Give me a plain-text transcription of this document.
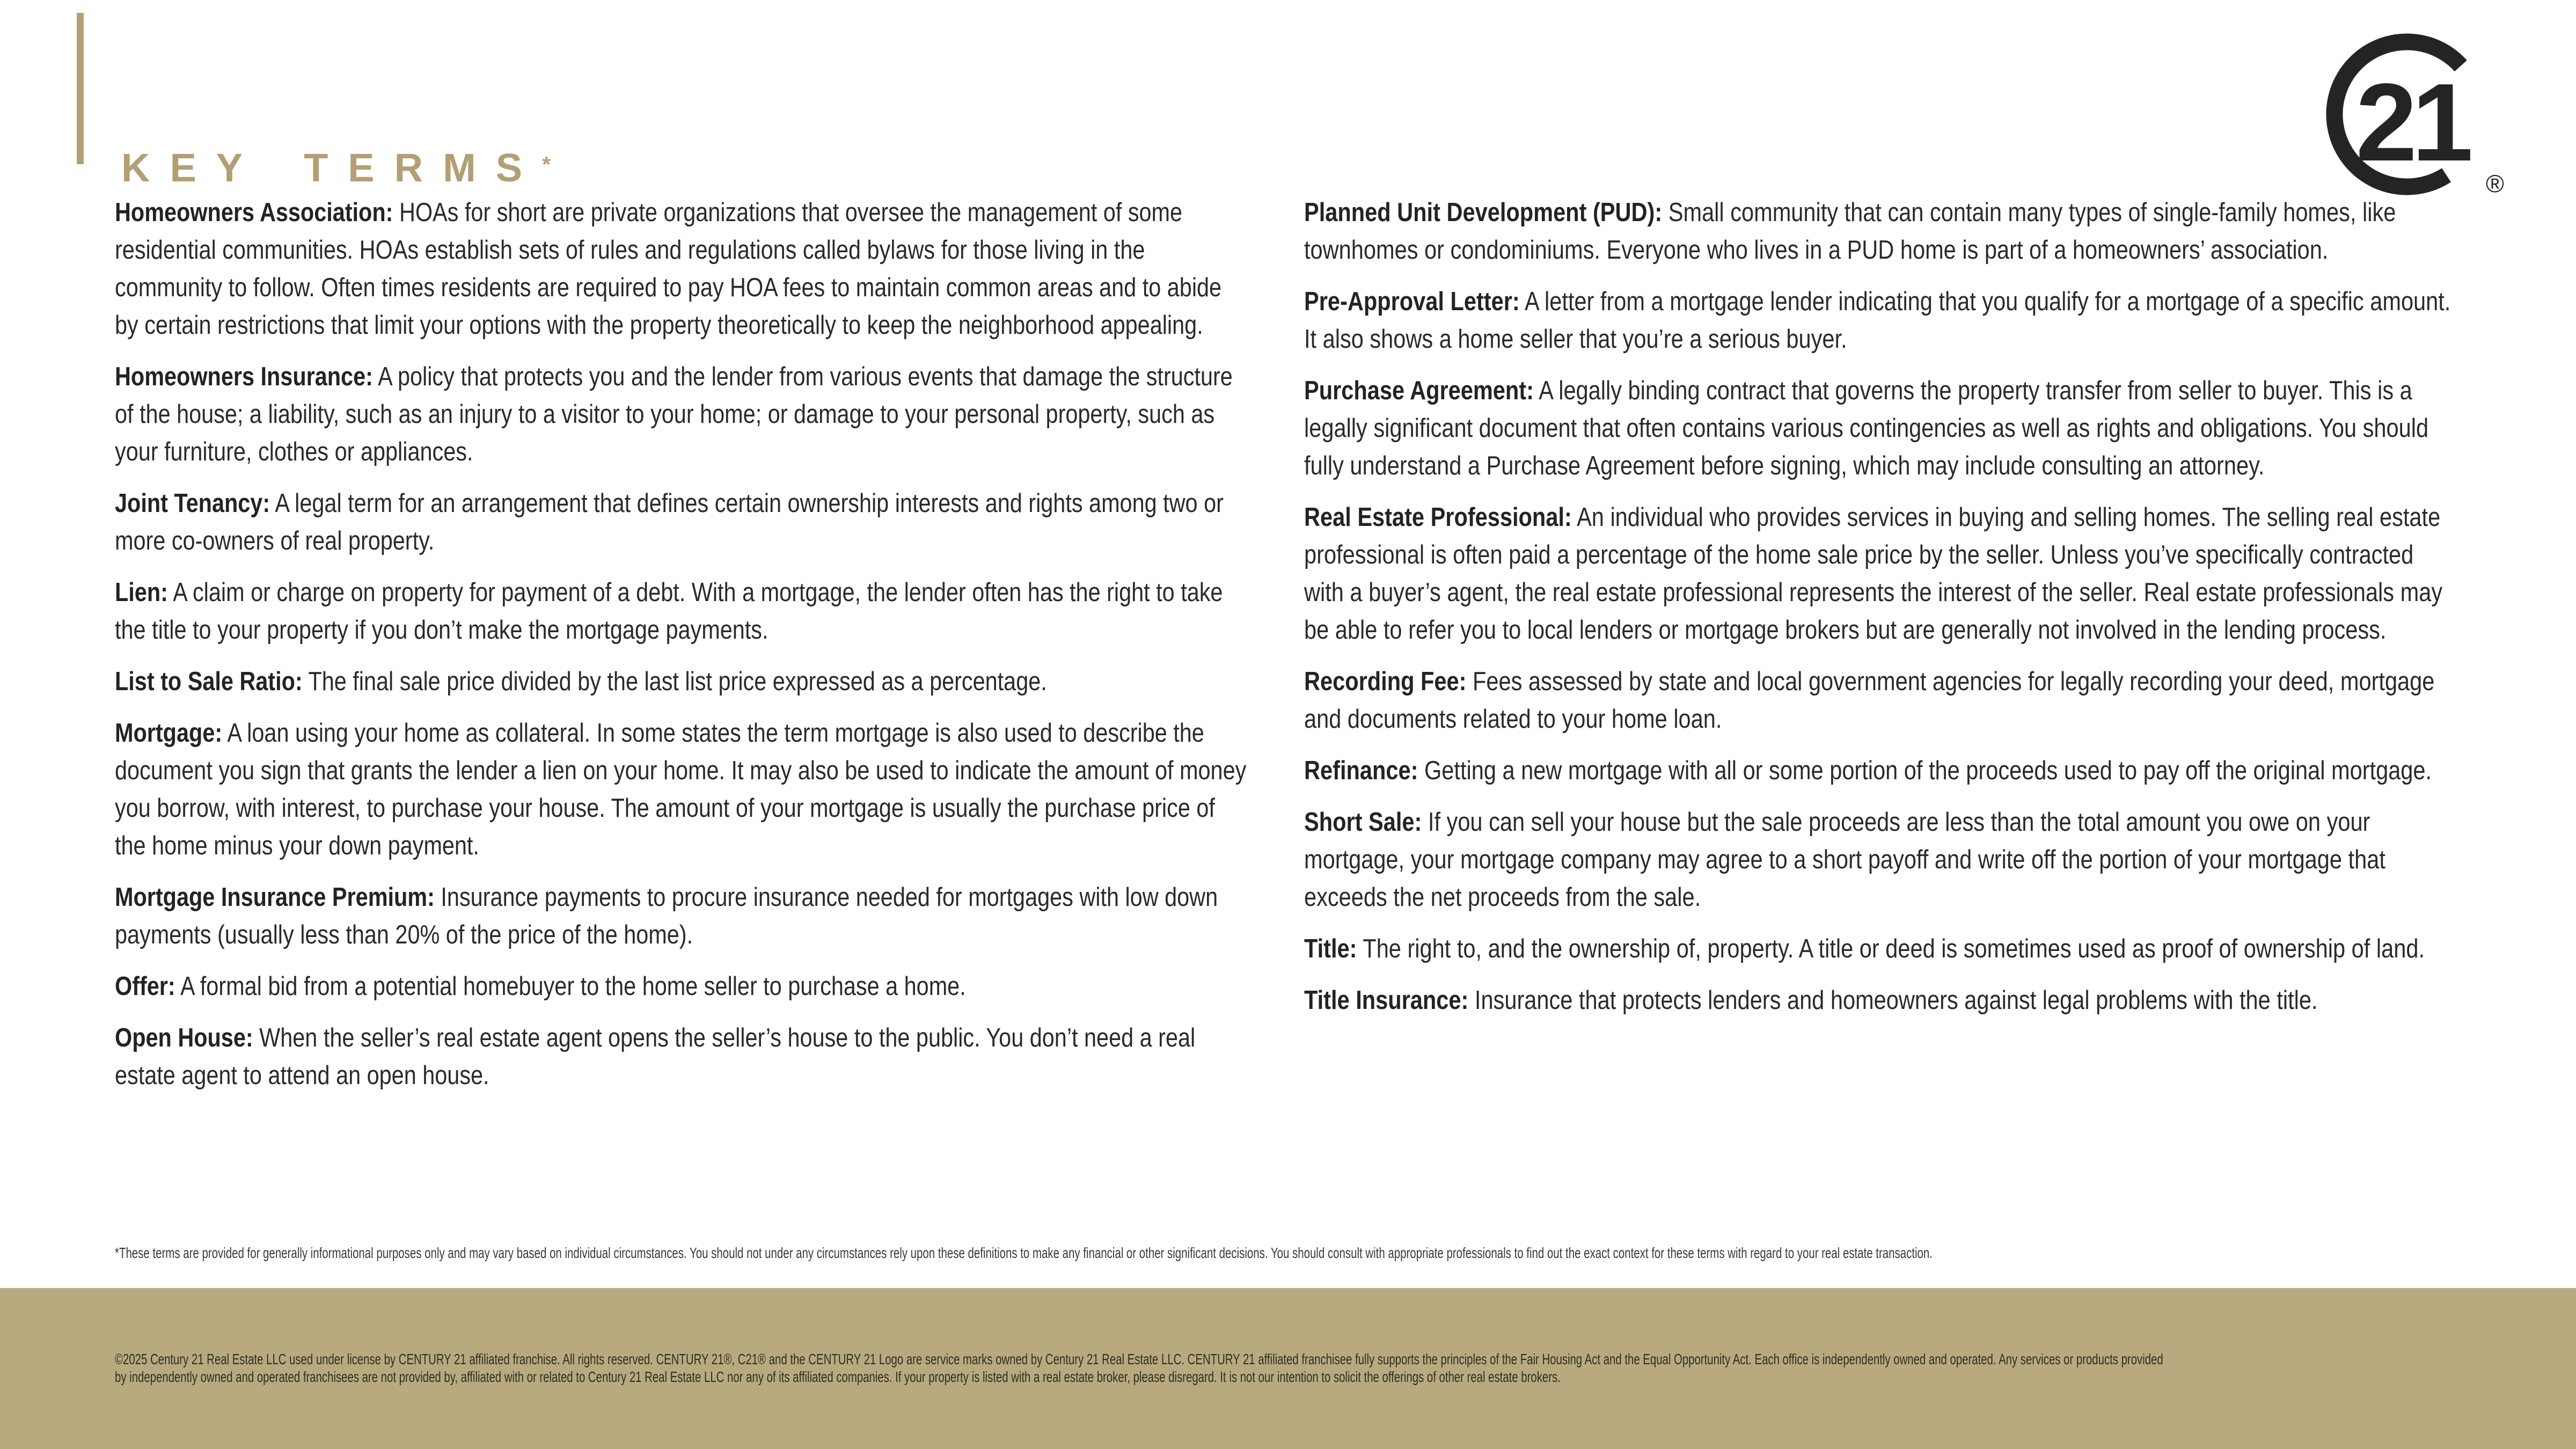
KEY TERMS*	21 ®

Homeowners Association: HOAs for short are private organizations that oversee the management of some residential communities. HOAs establish sets of rules and regulations called bylaws for those living in the community to follow. Often times residents are required to pay HOA fees to maintain common areas and to abide by certain restrictions that limit your options with the property theoretically to keep the neighborhood appealing.

Homeowners Insurance: A policy that protects you and the lender from various events that damage the structure of the house; a liability, such as an injury to a visitor to your home; or damage to your personal property, such as your furniture, clothes or appliances.

Joint Tenancy: A legal term for an arrangement that defines certain ownership interests and rights among two or more co-owners of real property.

Lien: A claim or charge on property for payment of a debt. With a mortgage, the lender often has the right to take the title to your property if you don’t make the mortgage payments.

List to Sale Ratio: The final sale price divided by the last list price expressed as a percentage.

Mortgage: A loan using your home as collateral. In some states the term mortgage is also used to describe the document you sign that grants the lender a lien on your home. It may also be used to indicate the amount of money you borrow, with interest, to purchase your house. The amount of your mortgage is usually the purchase price of the home minus your down payment.

Mortgage Insurance Premium: Insurance payments to procure insurance needed for mortgages with low down payments (usually less than 20% of the price of the home).

Offer: A formal bid from a potential homebuyer to the home seller to purchase a home.

Open House: When the seller’s real estate agent opens the seller’s house to the public. You don’t need a real estate agent to attend an open house.

Planned Unit Development (PUD): Small community that can contain many types of single-family homes, like townhomes or condominiums. Everyone who lives in a PUD home is part of a homeowners’ association.

Pre-Approval Letter: A letter from a mortgage lender indicating that you qualify for a mortgage of a specific amount. It also shows a home seller that you’re a serious buyer.

Purchase Agreement: A legally binding contract that governs the property transfer from seller to buyer. This is a legally significant document that often contains various contingencies as well as rights and obligations. You should fully understand a Purchase Agreement before signing, which may include consulting an attorney.

Real Estate Professional: An individual who provides services in buying and selling homes. The selling real estate professional is often paid a percentage of the home sale price by the seller. Unless you’ve specifically contracted with a buyer’s agent, the real estate professional represents the interest of the seller. Real estate professionals may be able to refer you to local lenders or mortgage brokers but are generally not involved in the lending process.

Recording Fee: Fees assessed by state and local government agencies for legally recording your deed, mortgage and documents related to your home loan.

Refinance: Getting a new mortgage with all or some portion of the proceeds used to pay off the original mortgage.

Short Sale: If you can sell your house but the sale proceeds are less than the total amount you owe on your mortgage, your mortgage company may agree to a short payoff and write off the portion of your mortgage that exceeds the net proceeds from the sale.

Title: The right to, and the ownership of, property. A title or deed is sometimes used as proof of ownership of land.

Title Insurance: Insurance that protects lenders and homeowners against legal problems with the title.

*These terms are provided for generally informational purposes only and may vary based on individual circumstances. You should not under any circumstances rely upon these definitions to make any financial or other significant decisions. You should consult with appropriate professionals to find out the exact context for these terms with regard to your real estate transaction.
©2025 Century 21 Real Estate LLC used under license by CENTURY 21 affiliated franchise. All rights reserved. CENTURY 21®, C21® and the CENTURY 21 Logo are service marks owned by Century 21 Real Estate LLC. CENTURY 21 affiliated franchisee fully supports the principles of the Fair Housing Act and the Equal Opportunity Act. Each office is independently owned and operated. Any services or products provided
by independently owned and operated franchisees are not provided by, affiliated with or related to Century 21 Real Estate LLC nor any of its affiliated companies. If your property is listed with a real estate broker, please disregard. It is not our intention to solicit the offerings of other real estate brokers.
